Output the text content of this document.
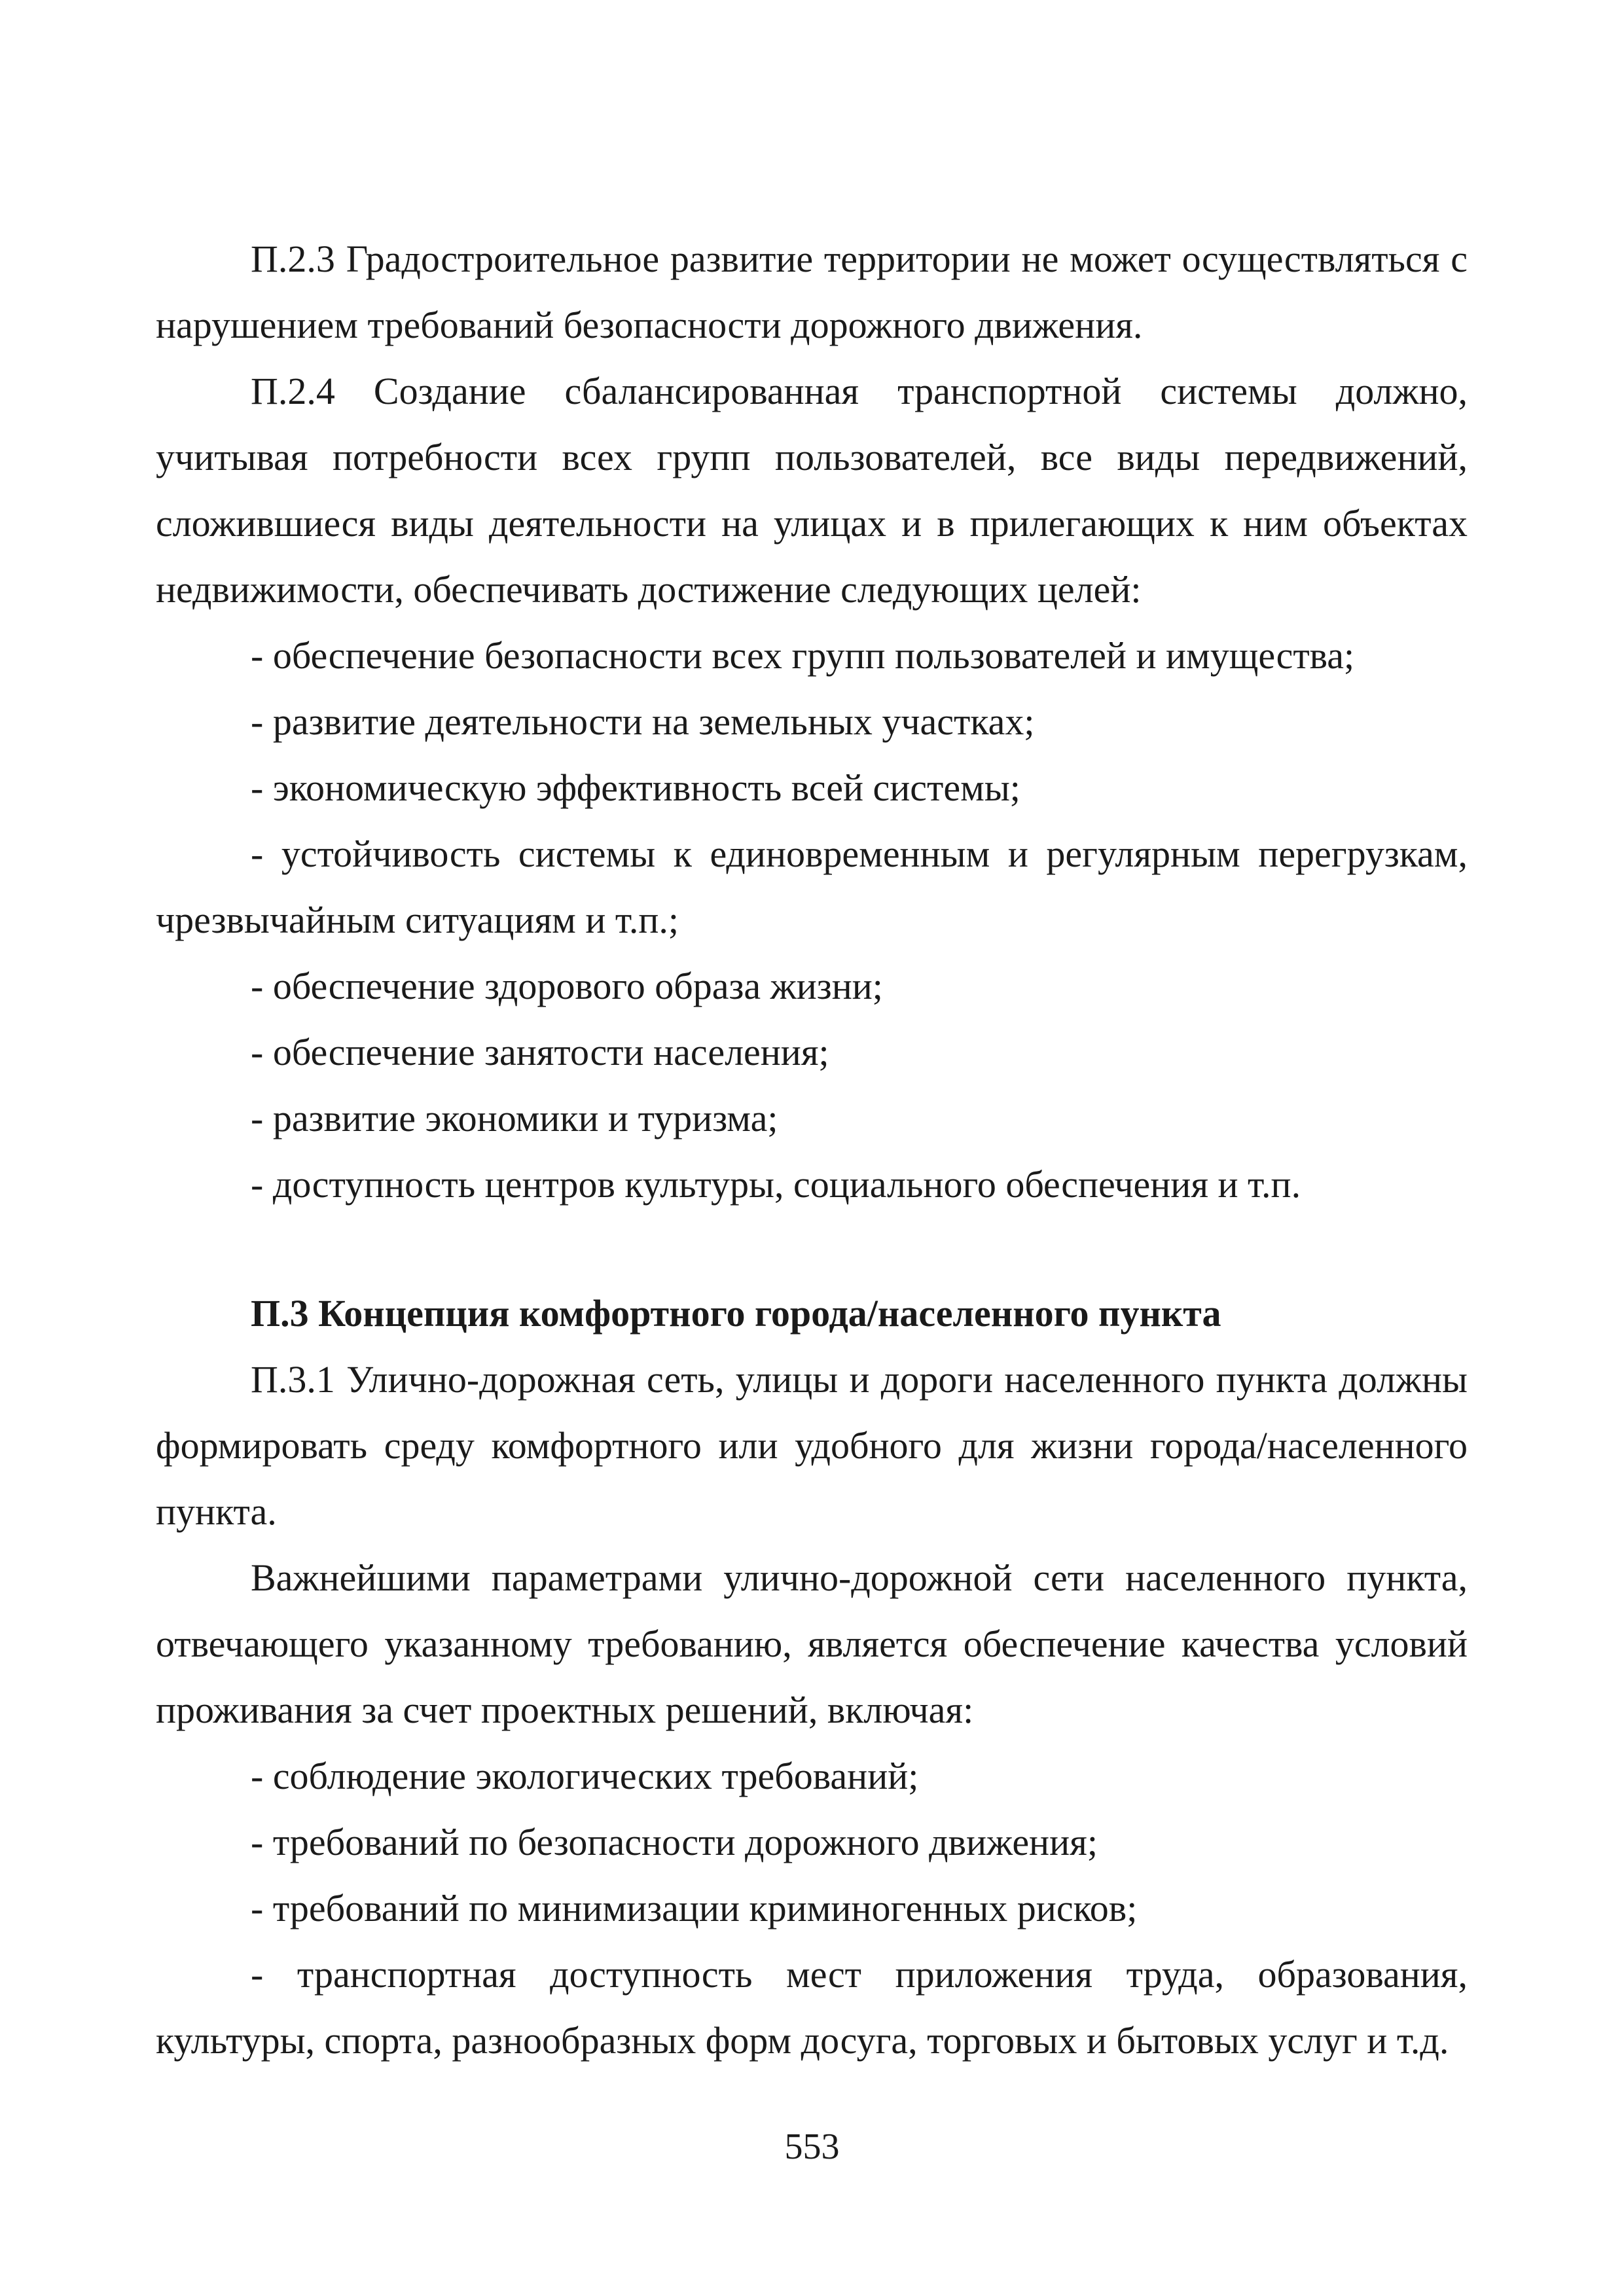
П.2.3 Градостроительное развитие территории не может осуществляться с нарушением требований безопасности дорожного движения.

П.2.4 Создание сбалансированная транспортной системы должно, учитывая потребности всех групп пользователей, все виды передвижений, сложившиеся виды деятельности на улицах и в прилегающих к ним объектах недвижимости, обеспечивать достижение следующих целей:

- обеспечение безопасности всех групп пользователей и имущества;

- развитие деятельности на земельных участках;

- экономическую эффективность всей системы;

- устойчивость системы к единовременным и регулярным перегрузкам, чрезвычайным ситуациям и т.п.;

- обеспечение здорового образа жизни;

- обеспечение занятости населения;

- развитие экономики и туризма;

- доступность центров культуры, социального обеспечения и т.п.

П.3 Концепция комфортного города/населенного пункта

П.3.1 Улично-дорожная сеть, улицы и дороги населенного пункта должны формировать среду комфортного или удобного для жизни города/населенного пункта.

Важнейшими параметрами улично-дорожной сети населенного пункта, отвечающего указанному требованию, является обеспечение качества условий проживания за счет проектных решений, включая:

- соблюдение экологических требований;

- требований по безопасности дорожного движения;

- требований по минимизации криминогенных рисков;

- транспортная доступность мест приложения труда, образования, культуры, спорта, разнообразных форм досуга, торговых и бытовых услуг и т.д.

553
